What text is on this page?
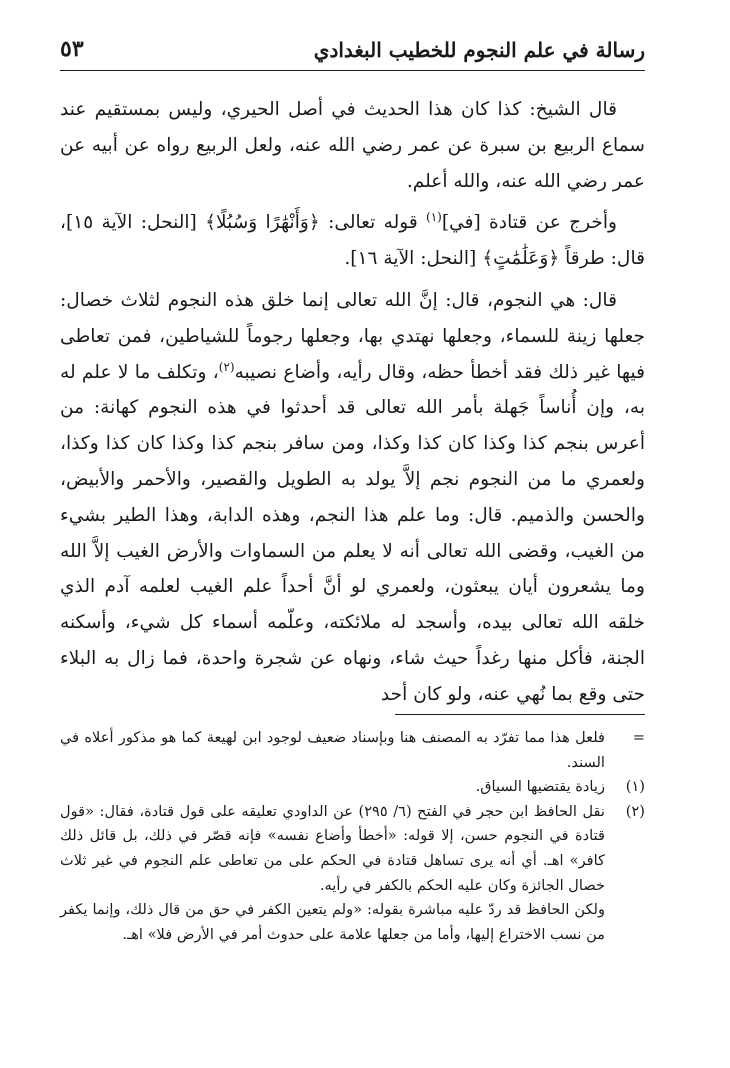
رسالة في علم النجوم للخطيب البغدادي
٥٣

قال الشيخ: كذا كان هذا الحديث في أصل الحيري، وليس بمستقيم عند سماع الربيع بن سبرة عن عمر رضي الله عنه، ولعل الربيع رواه عن أبيه عن عمر رضي الله عنه، والله أعلم.

وأخرج عن قتادة [في]$^{(١)}$ قوله تعالى: ﴿وَأَنْهَٰرًا وَسُبُلًا﴾ [النحل: الآية ١٥]، قال: طرقاً ﴿وَعَلَٰمَٰتٍ﴾ [النحل: الآية ١٦].

قال: هي النجوم، قال: إنَّ الله تعالى إنما خلق هذه النجوم لثلاث خصال: جعلها زينة للسماء، وجعلها نهتدي بها، وجعلها رجوماً للشياطين، فمن تعاطى فيها غير ذلك فقد أخطأ حظه، وقال رأيه، وأضاع نصيبه$^{(٢)}$، وتكلف ما لا علم له به، وإن أُناساً جَهلة بأمر الله تعالى قد أحدثوا في هذه النجوم كهانة: من أعرس بنجم كذا وكذا كان كذا وكذا، ومن سافر بنجم كذا وكذا كان كذا وكذا، ولعمري ما من النجوم نجم إلاَّ يولد به الطويل والقصير، والأحمر والأبيض، والحسن والذميم. قال: وما علم هذا النجم، وهذه الدابة، وهذا الطير بشيء من الغيب، وقضى الله تعالى أنه لا يعلم من السماوات والأرض الغيب إلاَّ الله وما يشعرون أيان يبعثون، ولعمري لو أنَّ أحداً علم الغيب لعلمه آدم الذي خلقه الله تعالى بيده، وأسجد له ملائكته، وعلّمه أسماء كل شيء، وأسكنه الجنة، فأكل منها رغداً حيث شاء، ونهاه عن شجرة واحدة، فما زال به البلاء حتى وقع بما نُهي عنه، ولو كان أحد

=
فلعل هذا مما تفرّد به المصنف هنا وبإسناد ضعيف لوجود ابن لهيعة كما هو مذكور أعلاه في السند.
(١)
زيادة يقتضيها السياق.
(٢)
نقل الحافظ ابن حجر في الفتح (٦/ ٢٩٥) عن الداودي تعليقه على قول قتادة، فقال: «قول قتادة في النجوم حسن، إلا قوله: «أخطأ وأضاع نفسه» فإنه قصّر في ذلك، بل قائل ذلك كافر» اهـ. أي أنه يرى تساهل قتادة في الحكم على من تعاطى علم النجوم في غير ثلاث خصال الجائزة وكان عليه الحكم بالكفر في رأيه.
ولكن الحافظ قد ردّ عليه مباشرة بقوله: «ولم يتعين الكفر في حق من قال ذلك، وإنما يكفر من نسب الاختراع إليها، وأما من جعلها علامة على حدوث أمر في الأرض فلا» اهـ.
